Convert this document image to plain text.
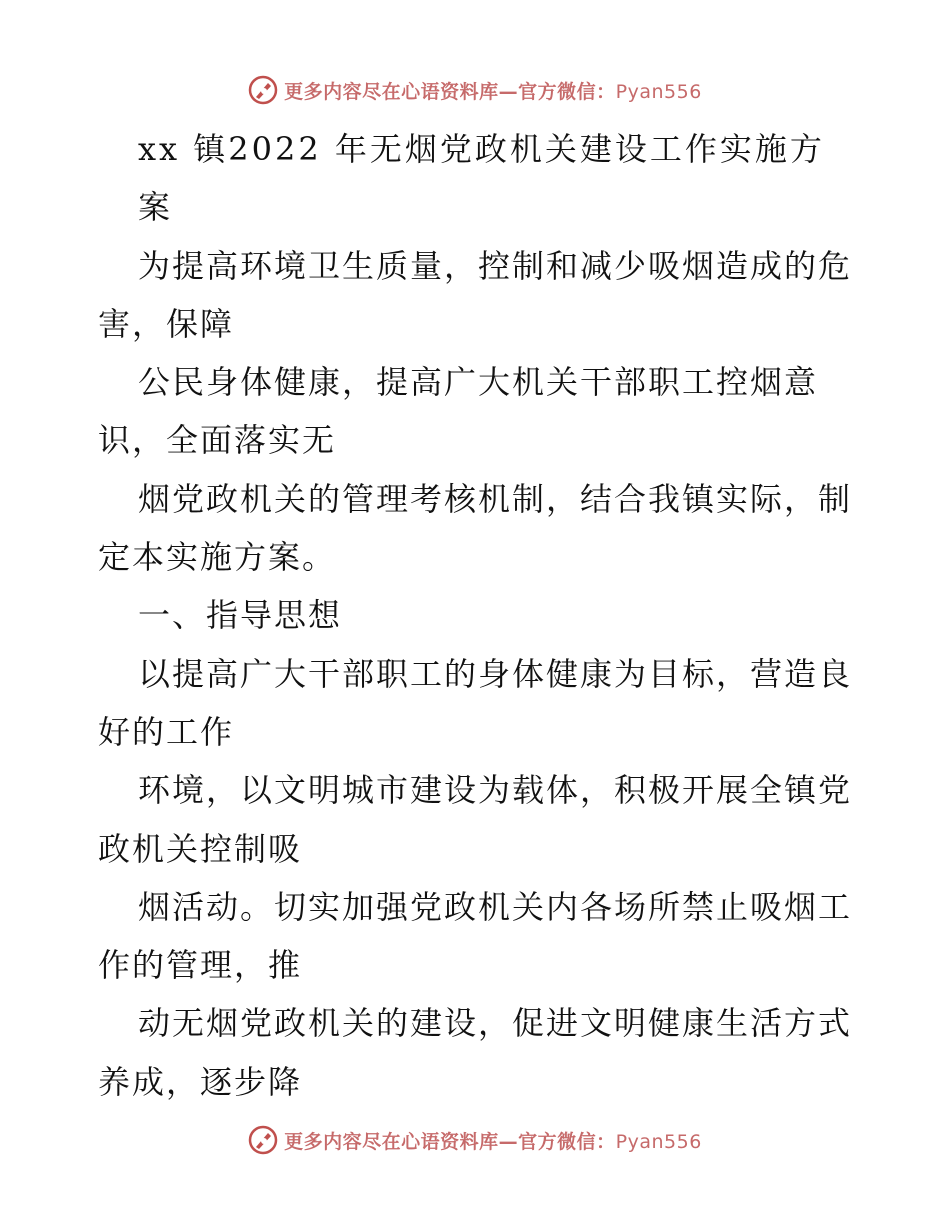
更多内容尽在心语资料库—官方微信：Pyan556
xx 镇2022 年无烟党政机关建设工作实施方
案
为提高环境卫生质量，控制和减少吸烟造成的危
害，保障
公民身体健康，提高广大机关干部职工控烟意
识，全面落实无
烟党政机关的管理考核机制，结合我镇实际，制
定本实施方案。
一、指导思想
以提高广大干部职工的身体健康为目标，营造良
好的工作
环境，以文明城市建设为载体，积极开展全镇党
政机关控制吸
烟活动。切实加强党政机关内各场所禁止吸烟工
作的管理，推
动无烟党政机关的建设，促进文明健康生活方式
养成，逐步降
更多内容尽在心语资料库—官方微信：Pyan556
